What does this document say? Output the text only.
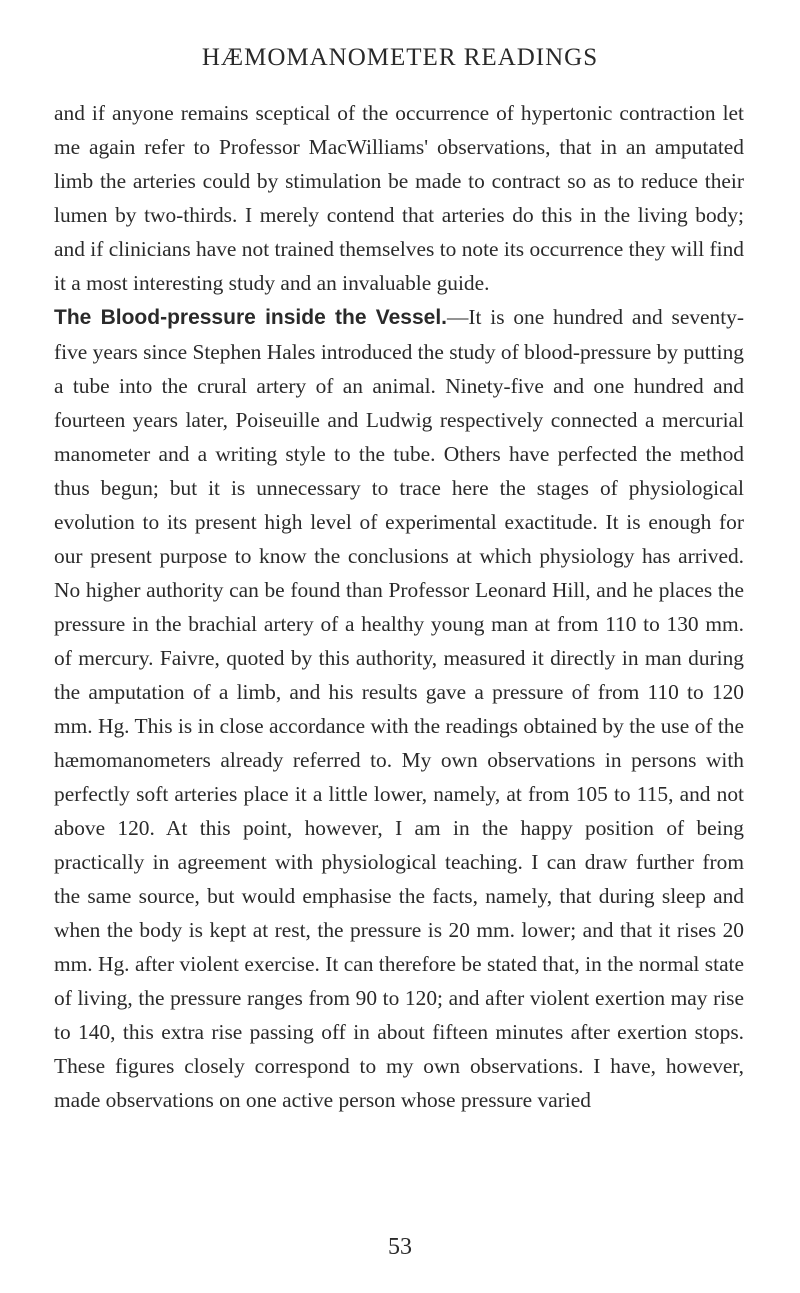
HÆMOMANOMETER READINGS

and if anyone remains sceptical of the occurrence of hypertonic contraction let me again refer to Professor MacWilliams' observations, that in an amputated limb the arteries could by stimulation be made to contract so as to reduce their lumen by two-thirds. I merely contend that arteries do this in the living body; and if clinicians have not trained themselves to note its occurrence they will find it a most interesting study and an invaluable guide.

The Blood-pressure inside the Vessel.—It is one hundred and seventy-five years since Stephen Hales introduced the study of blood-pressure by putting a tube into the crural artery of an animal. Ninety-five and one hundred and fourteen years later, Poiseuille and Ludwig respectively connected a mercurial manometer and a writing style to the tube. Others have perfected the method thus begun; but it is unnecessary to trace here the stages of physiological evolution to its present high level of experimental exactitude. It is enough for our present purpose to know the conclusions at which physiology has arrived. No higher authority can be found than Professor Leonard Hill, and he places the pressure in the brachial artery of a healthy young man at from 110 to 130 mm. of mercury. Faivre, quoted by this authority, measured it directly in man during the amputation of a limb, and his results gave a pressure of from 110 to 120 mm. Hg. This is in close accordance with the readings obtained by the use of the hæmomanometers already referred to. My own observations in persons with perfectly soft arteries place it a little lower, namely, at from 105 to 115, and not above 120. At this point, however, I am in the happy position of being practically in agreement with physiological teaching. I can draw further from the same source, but would emphasise the facts, namely, that during sleep and when the body is kept at rest, the pressure is 20 mm. lower; and that it rises 20 mm. Hg. after violent exercise. It can therefore be stated that, in the normal state of living, the pressure ranges from 90 to 120; and after violent exertion may rise to 140, this extra rise passing off in about fifteen minutes after exertion stops. These figures closely correspond to my own observations. I have, however, made observations on one active person whose pressure varied

53
